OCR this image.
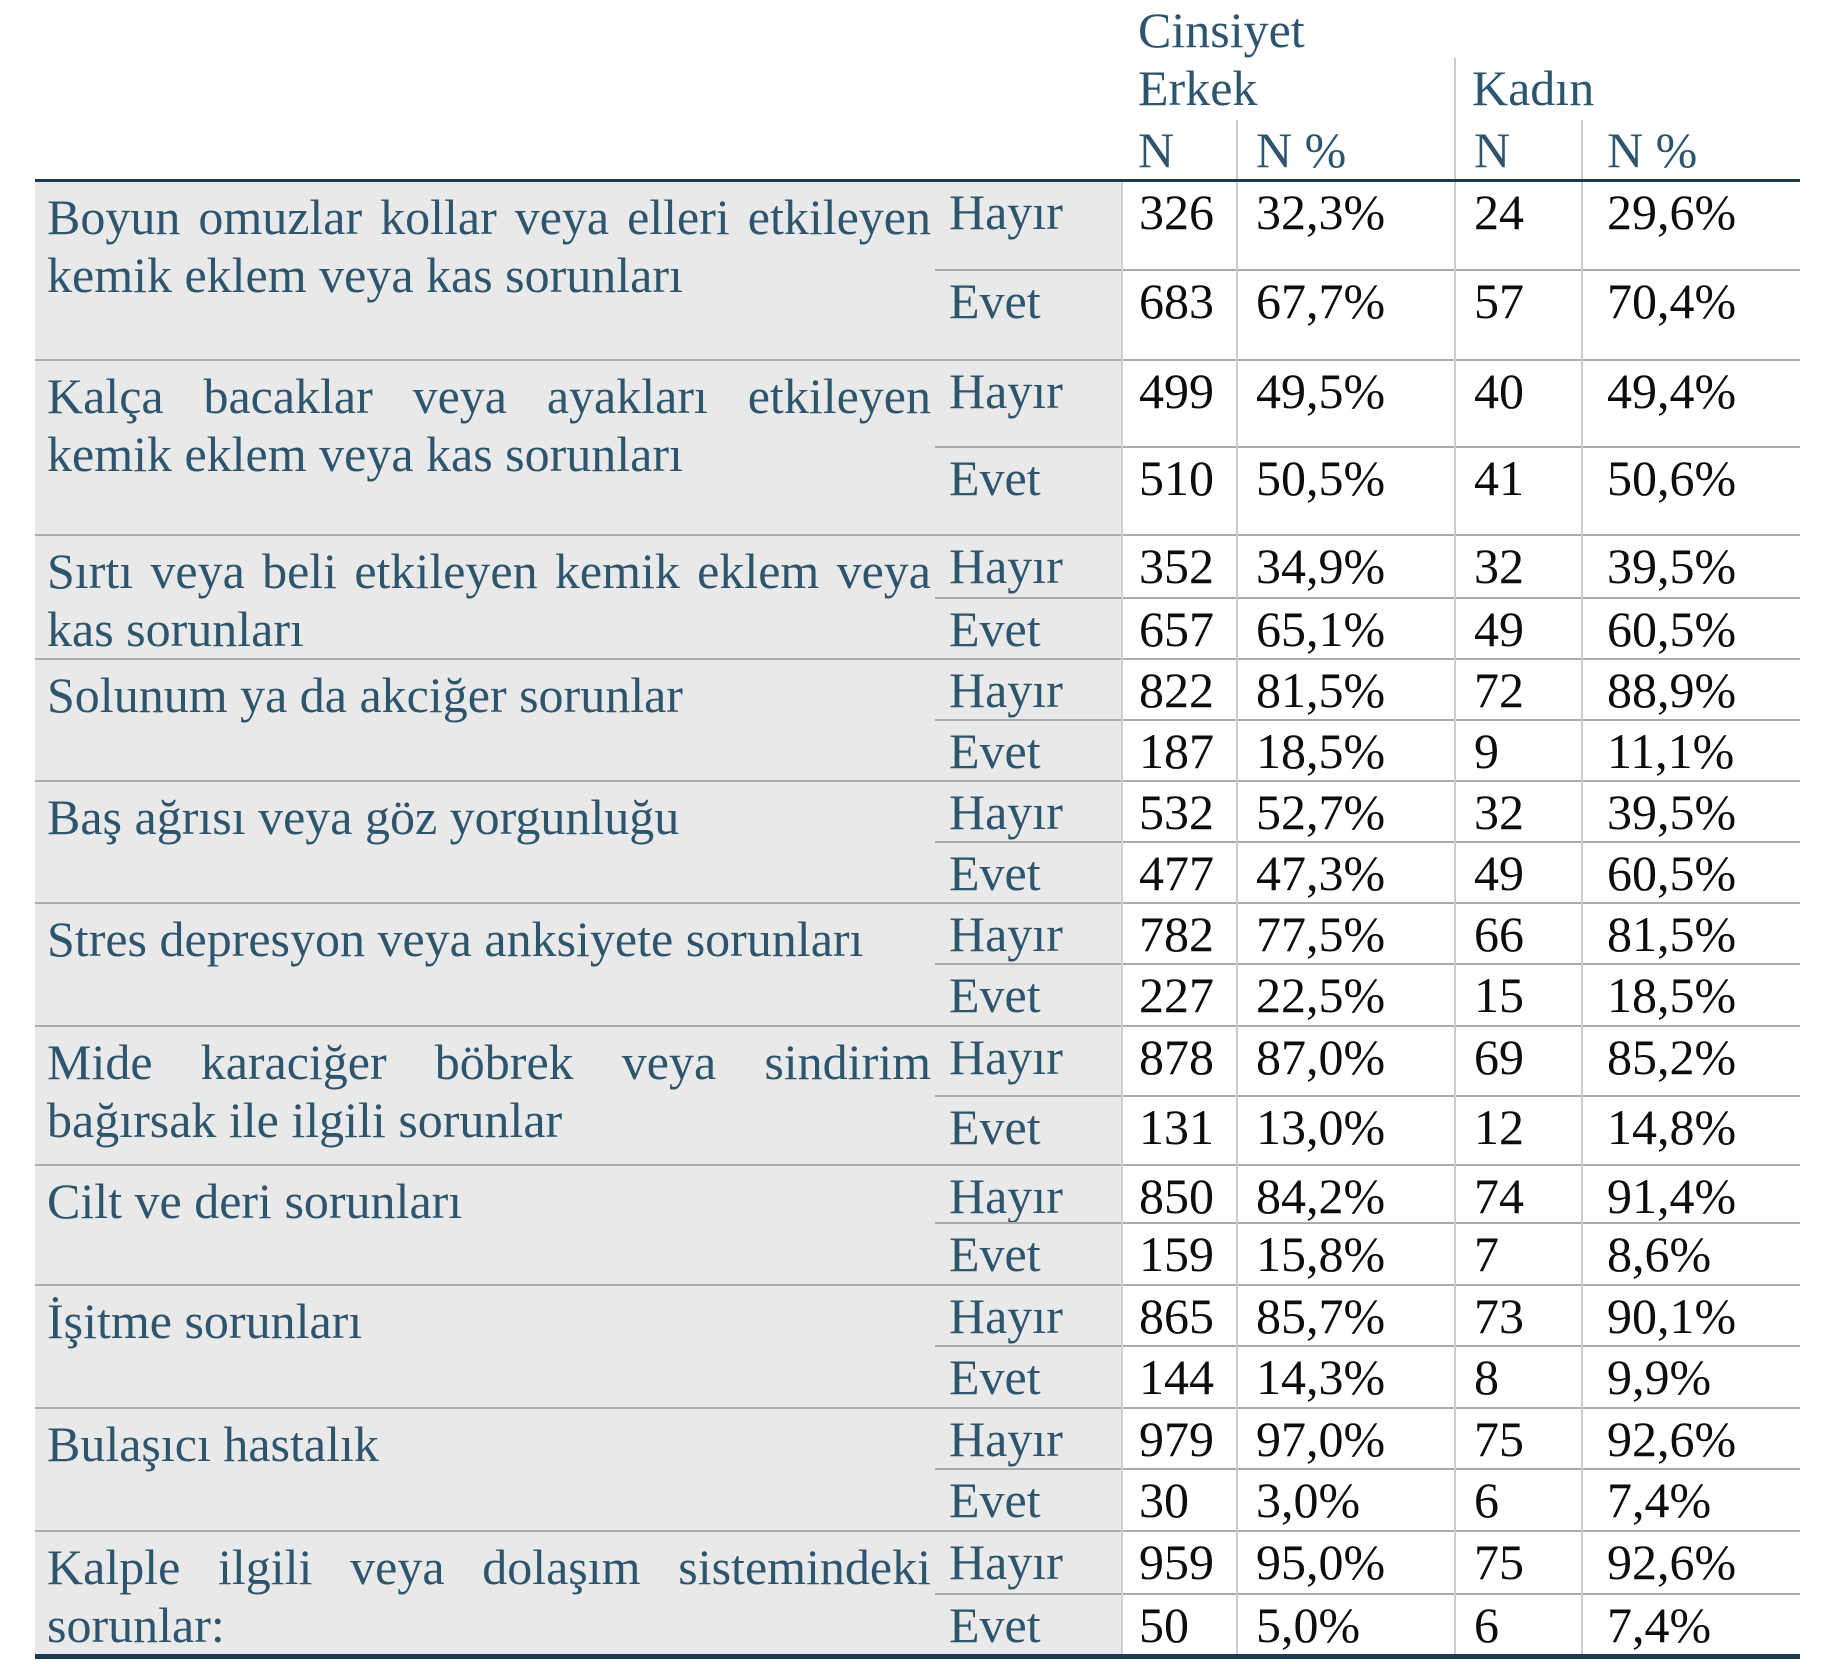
		Cinsiyet			
		Erkek		Kadın	
		N	N %	N	N %
Boyun omuzlar kollar veya elleri etkileyen kemik eklem veya kas sorunları	Hayır	326	32,3%	24	29,6%
	Evet	683	67,7%	57	70,4%
Kalça bacaklar veya ayakları etkileyen kemik eklem veya kas sorunları	Hayır	499	49,5%	40	49,4%
	Evet	510	50,5%	41	50,6%
Sırtı veya beli etkileyen kemik eklem veya kas sorunları	Hayır	352	34,9%	32	39,5%
	Evet	657	65,1%	49	60,5%
Solunum ya da akciğer sorunlar	Hayır	822	81,5%	72	88,9%
	Evet	187	18,5%	9	11,1%
Baş ağrısı veya göz yorgunluğu	Hayır	532	52,7%	32	39,5%
	Evet	477	47,3%	49	60,5%
Stres depresyon veya anksiyete sorunları	Hayır	782	77,5%	66	81,5%
	Evet	227	22,5%	15	18,5%
Mide karaciğer böbrek veya sindirim bağırsak ile ilgili sorunlar	Hayır	878	87,0%	69	85,2%
	Evet	131	13,0%	12	14,8%
Cilt ve deri sorunları	Hayır	850	84,2%	74	91,4%
	Evet	159	15,8%	7	8,6%
İşitme sorunları	Hayır	865	85,7%	73	90,1%
	Evet	144	14,3%	8	9,9%
Bulaşıcı hastalık	Hayır	979	97,0%	75	92,6%
	Evet	30	3,0%	6	7,4%
Kalple ilgili veya dolaşım sistemindeki sorunlar:	Hayır	959	95,0%	75	92,6%
	Evet	50	5,0%	6	7,4%
